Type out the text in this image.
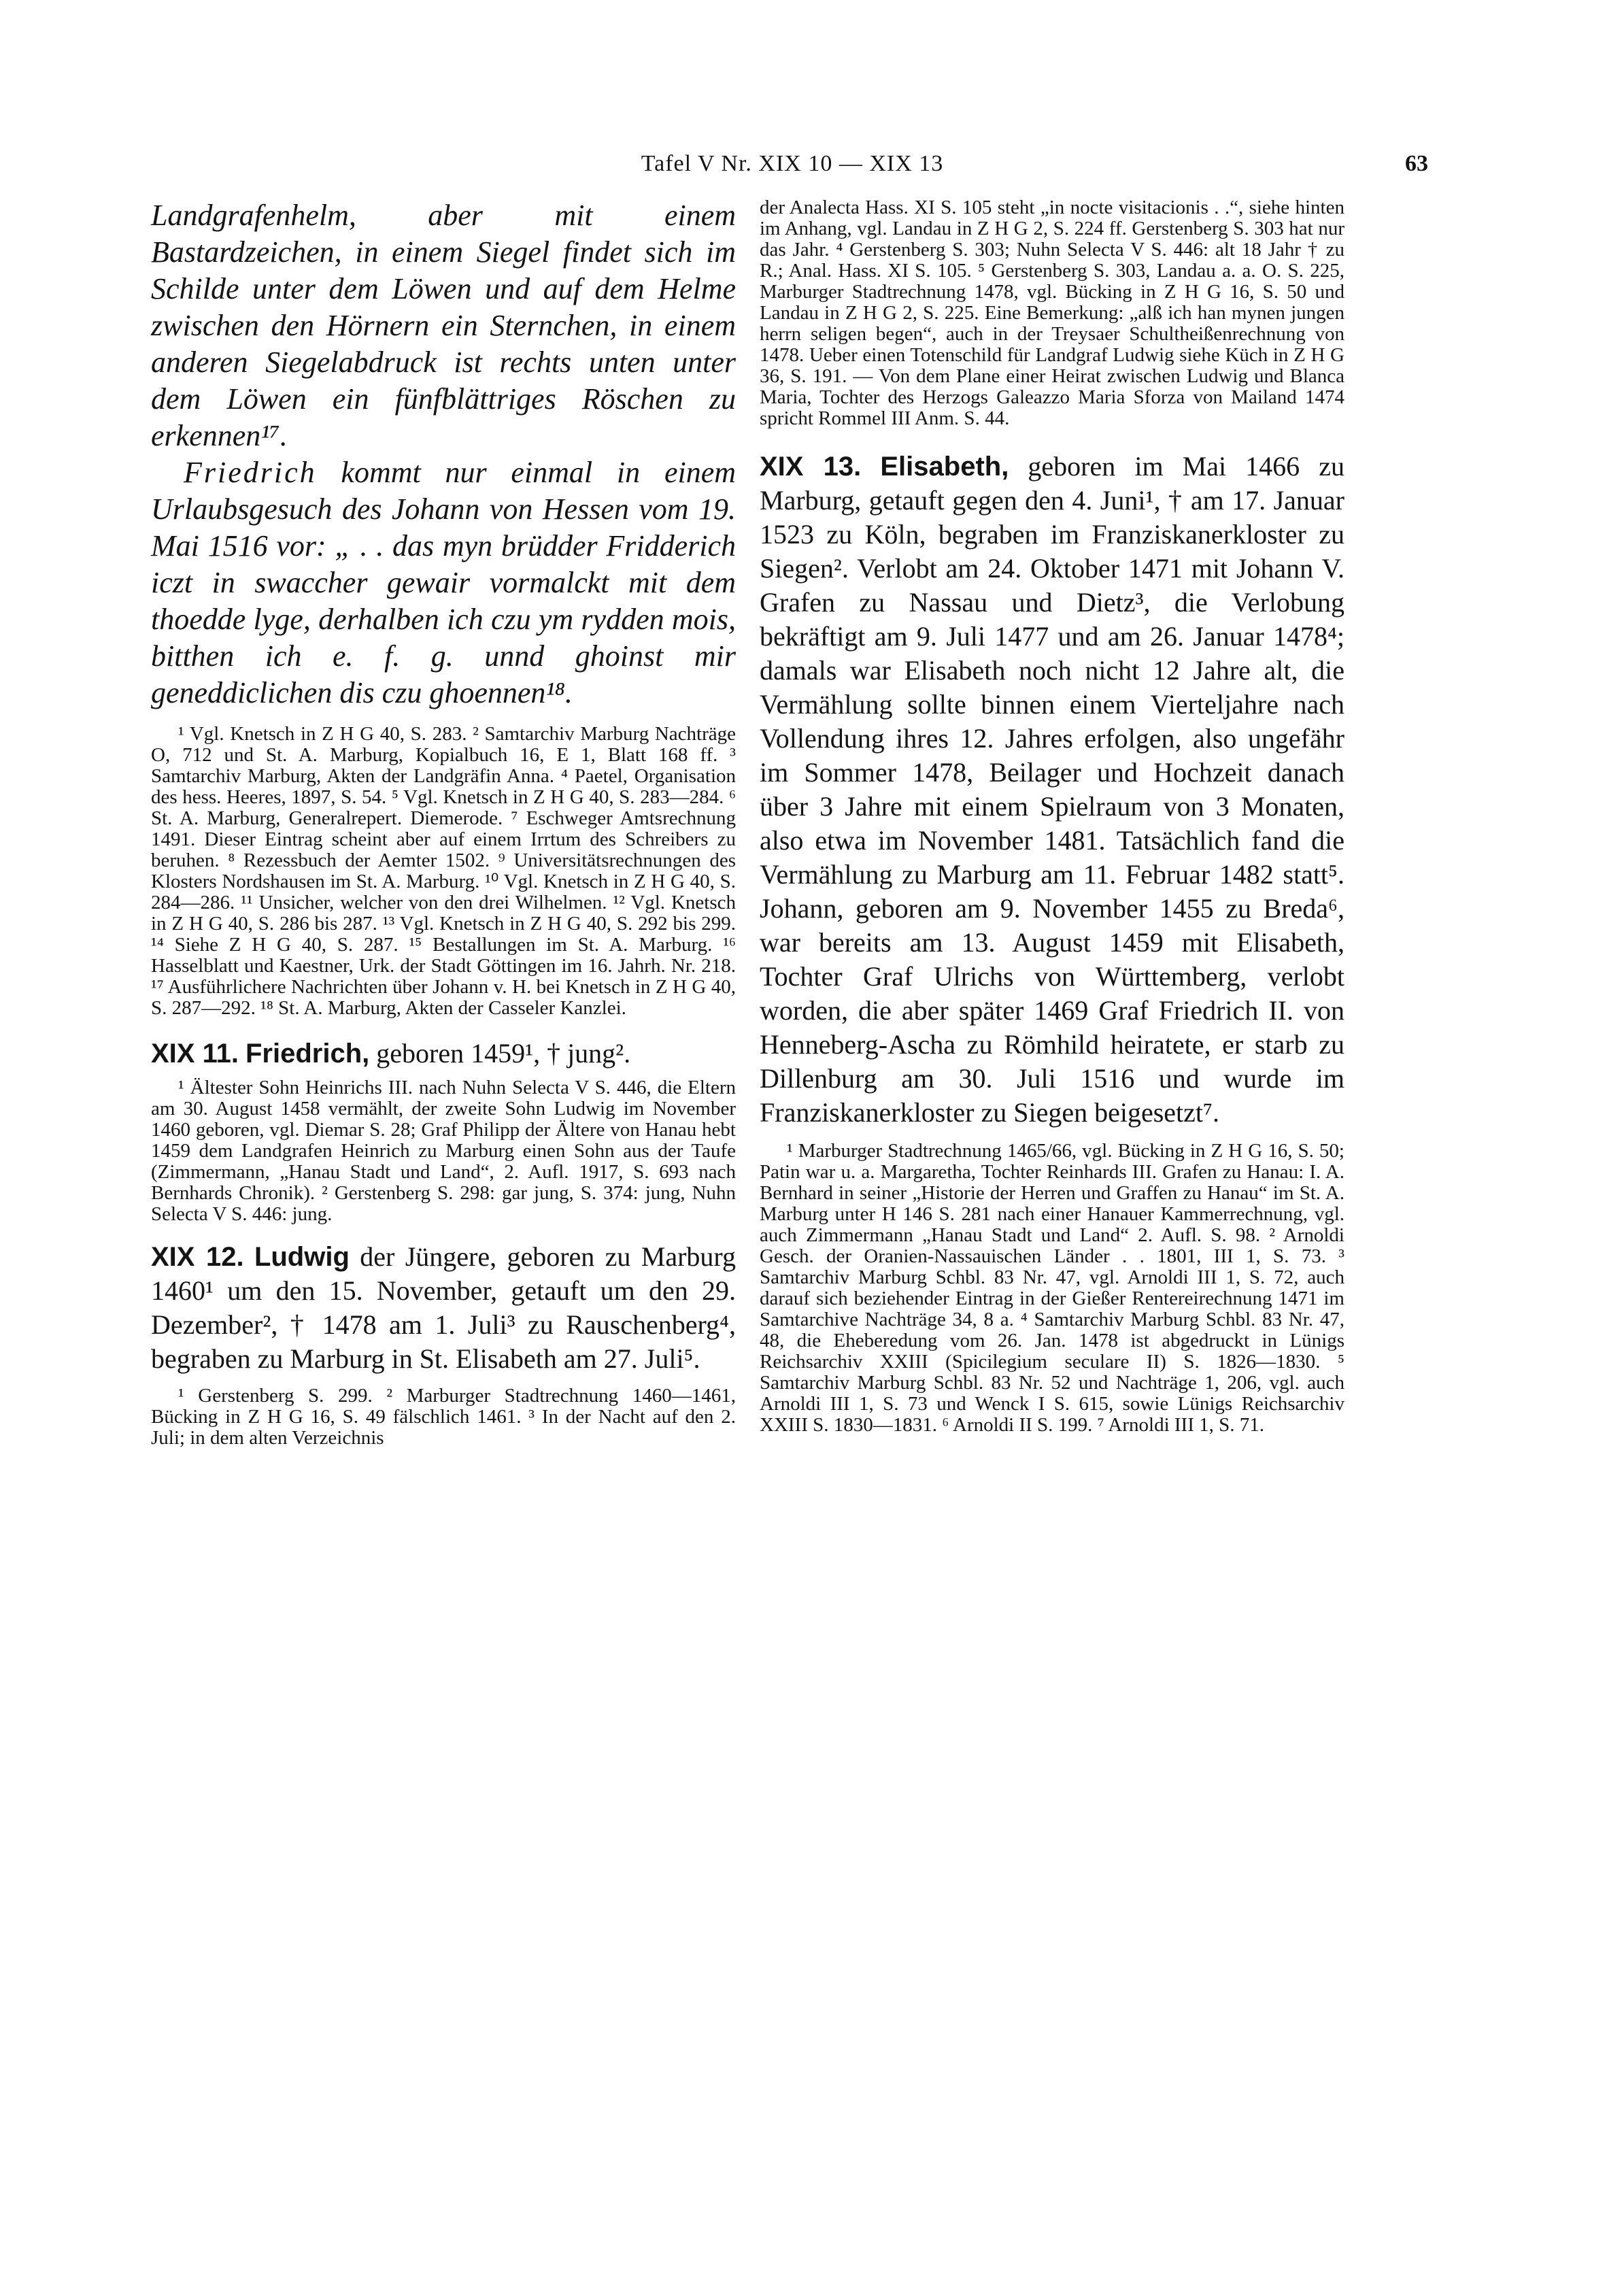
Tafel V Nr. XIX 10 — XIX 13	63

Landgrafenhelm, aber mit einem Bastardzeichen, in einem Siegel findet sich im Schilde unter dem Löwen und auf dem Helme zwischen den Hörnern ein Sternchen, in einem anderen Siegelabdruck ist rechts unten unter dem Löwen ein fünfblättriges Röschen zu erkennen¹⁷.

Friedrich kommt nur einmal in einem Urlaubsgesuch des Johann von Hessen vom 19. Mai 1516 vor: „ . . das myn brüdder Fridderich iczt in swaccher gewair vormalckt mit dem thoedde lyge, derhalben ich czu ym rydden mois, bitthen ich e. f. g. unnd ghoinst mir geneddiclichen dis czu ghoennen¹⁸.

¹ Vgl. Knetsch in Z H G 40, S. 283. ² Samtarchiv Marburg Nachträge O, 712 und St. A. Marburg, Kopialbuch 16, E 1, Blatt 168 ff. ³ Samtarchiv Marburg, Akten der Landgräfin Anna. ⁴ Paetel, Organisation des hess. Heeres, 1897, S. 54. ⁵ Vgl. Knetsch in Z H G 40, S. 283—284. ⁶ St. A. Marburg, Generalrepert. Diemerode. ⁷ Eschweger Amtsrechnung 1491. Dieser Eintrag scheint aber auf einem Irrtum des Schreibers zu beruhen. ⁸ Rezessbuch der Aemter 1502. ⁹ Universitätsrechnungen des Klosters Nordshausen im St. A. Marburg. ¹⁰ Vgl. Knetsch in Z H G 40, S. 284—286. ¹¹ Unsicher, welcher von den drei Wilhelmen. ¹² Vgl. Knetsch in Z H G 40, S. 286 bis 287. ¹³ Vgl. Knetsch in Z H G 40, S. 292 bis 299. ¹⁴ Siehe Z H G 40, S. 287. ¹⁵ Bestallungen im St. A. Marburg. ¹⁶ Hasselblatt und Kaestner, Urk. der Stadt Göttingen im 16. Jahrh. Nr. 218. ¹⁷ Ausführlichere Nachrichten über Johann v. H. bei Knetsch in Z H G 40, S. 287—292. ¹⁸ St. A. Marburg, Akten der Casseler Kanzlei.

XIX 11. Friedrich, geboren 1459¹, † jung².

¹ Ältester Sohn Heinrichs III. nach Nuhn Selecta V S. 446, die Eltern am 30. August 1458 vermählt, der zweite Sohn Ludwig im November 1460 geboren, vgl. Diemar S. 28; Graf Philipp der Ältere von Hanau hebt 1459 dem Landgrafen Heinrich zu Marburg einen Sohn aus der Taufe (Zimmermann, „Hanau Stadt und Land“, 2. Aufl. 1917, S. 693 nach Bernhards Chronik). ² Gerstenberg S. 298: gar jung, S. 374: jung, Nuhn Selecta V S. 446: jung.

XIX 12. Ludwig der Jüngere, geboren zu Marburg 1460¹ um den 15. November, getauft um den 29. Dezember², † 1478 am 1. Juli³ zu Rauschenberg⁴, begraben zu Marburg in St. Elisabeth am 27. Juli⁵.

¹ Gerstenberg S. 299. ² Marburger Stadtrechnung 1460—1461, Bücking in Z H G 16, S. 49 fälschlich 1461. ³ In der Nacht auf den 2. Juli; in dem alten Verzeichnis

der Analecta Hass. XI S. 105 steht „in nocte visitacionis . .“, siehe hinten im Anhang, vgl. Landau in Z H G 2, S. 224 ff. Gerstenberg S. 303 hat nur das Jahr. ⁴ Gerstenberg S. 303; Nuhn Selecta V S. 446: alt 18 Jahr † zu R.; Anal. Hass. XI S. 105. ⁵ Gerstenberg S. 303, Landau a. a. O. S. 225, Marburger Stadtrechnung 1478, vgl. Bücking in Z H G 16, S. 50 und Landau in Z H G 2, S. 225. Eine Bemerkung: „alß ich han mynen jungen herrn seligen begen“, auch in der Treysaer Schultheißenrechnung von 1478. Ueber einen Totenschild für Landgraf Ludwig siehe Küch in Z H G 36, S. 191. — Von dem Plane einer Heirat zwischen Ludwig und Blanca Maria, Tochter des Herzogs Galeazzo Maria Sforza von Mailand 1474 spricht Rommel III Anm. S. 44.

XIX 13. Elisabeth, geboren im Mai 1466 zu Marburg, getauft gegen den 4. Juni¹, † am 17. Januar 1523 zu Köln, begraben im Franziskanerkloster zu Siegen². Verlobt am 24. Oktober 1471 mit Johann V. Grafen zu Nassau und Dietz³, die Verlobung bekräftigt am 9. Juli 1477 und am 26. Januar 1478⁴; damals war Elisabeth noch nicht 12 Jahre alt, die Vermählung sollte binnen einem Vierteljahre nach Vollendung ihres 12. Jahres erfolgen, also ungefähr im Sommer 1478, Beilager und Hochzeit danach über 3 Jahre mit einem Spielraum von 3 Monaten, also etwa im November 1481. Tatsächlich fand die Vermählung zu Marburg am 11. Februar 1482 statt⁵. Johann, geboren am 9. November 1455 zu Breda⁶, war bereits am 13. August 1459 mit Elisabeth, Tochter Graf Ulrichs von Württemberg, verlobt worden, die aber später 1469 Graf Friedrich II. von Henneberg-Ascha zu Römhild heiratete, er starb zu Dillenburg am 30. Juli 1516 und wurde im Franziskanerkloster zu Siegen beigesetzt⁷.

¹ Marburger Stadtrechnung 1465/66, vgl. Bücking in Z H G 16, S. 50; Patin war u. a. Margaretha, Tochter Reinhards III. Grafen zu Hanau: I. A. Bernhard in seiner „Historie der Herren und Graffen zu Hanau“ im St. A. Marburg unter H 146 S. 281 nach einer Hanauer Kammerrechnung, vgl. auch Zimmermann „Hanau Stadt und Land“ 2. Aufl. S. 98. ² Arnoldi Gesch. der Oranien-Nassauischen Länder . . 1801, III 1, S. 73. ³ Samtarchiv Marburg Schbl. 83 Nr. 47, vgl. Arnoldi III 1, S. 72, auch darauf sich beziehender Eintrag in der Gießer Rentereirechnung 1471 im Samtarchive Nachträge 34, 8 a. ⁴ Samtarchiv Marburg Schbl. 83 Nr. 47, 48, die Eheberedung vom 26. Jan. 1478 ist abgedruckt in Lünigs Reichsarchiv XXIII (Spicilegium seculare II) S. 1826—1830. ⁵ Samtarchiv Marburg Schbl. 83 Nr. 52 und Nachträge 1, 206, vgl. auch Arnoldi III 1, S. 73 und Wenck I S. 615, sowie Lünigs Reichsarchiv XXIII S. 1830—1831. ⁶ Arnoldi II S. 199. ⁷ Arnoldi III 1, S. 71.
